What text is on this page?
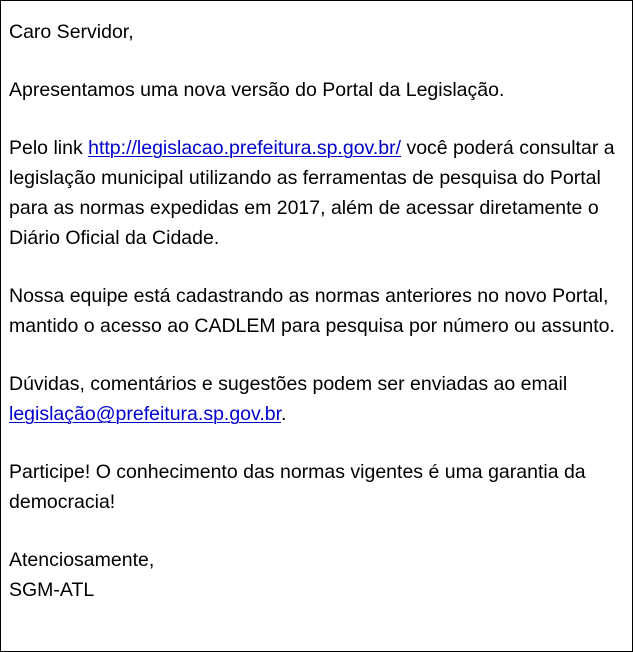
Caro Servidor,

Apresentamos uma nova versão do Portal da Legislação.

Pelo link http://legislacao.prefeitura.sp.gov.br/ você poderá consultar a legislação municipal utilizando as ferramentas de pesquisa do Portal para as normas expedidas em 2017, além de acessar diretamente o Diário Oficial da Cidade.

Nossa equipe está cadastrando as normas anteriores no novo Portal, mantido o acesso ao CADLEM para pesquisa por número ou assunto.

Dúvidas, comentários e sugestões podem ser enviadas ao email legislação@prefeitura.sp.gov.br.

Participe! O conhecimento das normas vigentes é uma garantia da democracia!

Atenciosamente,

SGM-ATL
